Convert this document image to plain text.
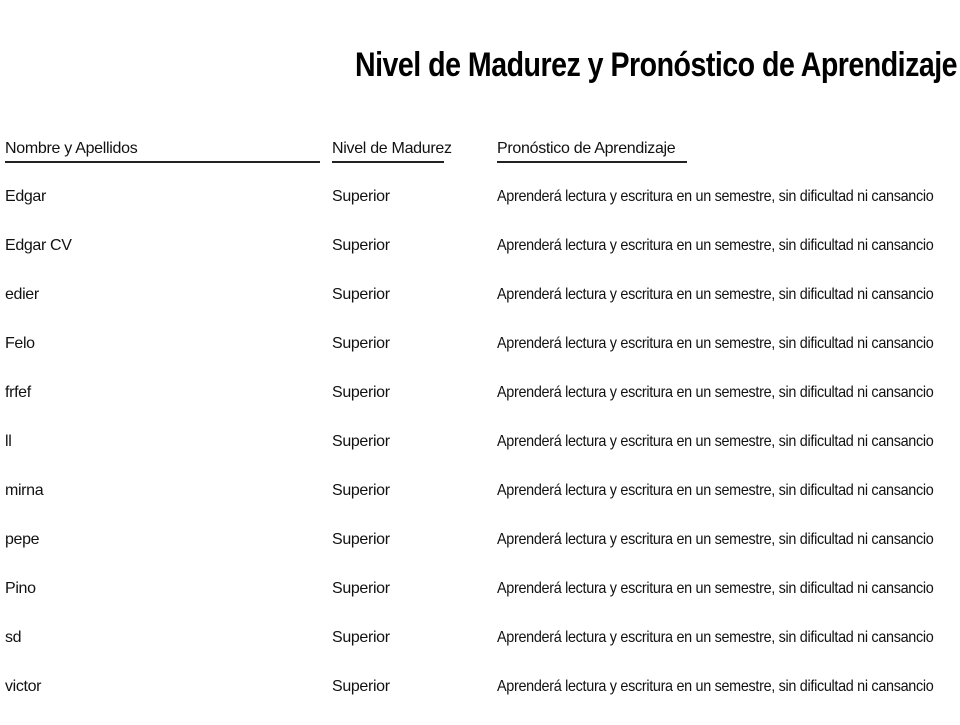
Nivel de Madurez y Pronóstico de Aprendizaje
Nombre y Apellidos	Nivel de Madurez	Pronóstico de Aprendizaje
Edgar	Superior	Aprenderá lectura y escritura en un semestre, sin dificultad ni cansancio
Edgar CV	Superior	Aprenderá lectura y escritura en un semestre, sin dificultad ni cansancio
edier	Superior	Aprenderá lectura y escritura en un semestre, sin dificultad ni cansancio
Felo	Superior	Aprenderá lectura y escritura en un semestre, sin dificultad ni cansancio
frfef	Superior	Aprenderá lectura y escritura en un semestre, sin dificultad ni cansancio
ll	Superior	Aprenderá lectura y escritura en un semestre, sin dificultad ni cansancio
mirna	Superior	Aprenderá lectura y escritura en un semestre, sin dificultad ni cansancio
pepe	Superior	Aprenderá lectura y escritura en un semestre, sin dificultad ni cansancio
Pino	Superior	Aprenderá lectura y escritura en un semestre, sin dificultad ni cansancio
sd	Superior	Aprenderá lectura y escritura en un semestre, sin dificultad ni cansancio
victor	Superior	Aprenderá lectura y escritura en un semestre, sin dificultad ni cansancio
